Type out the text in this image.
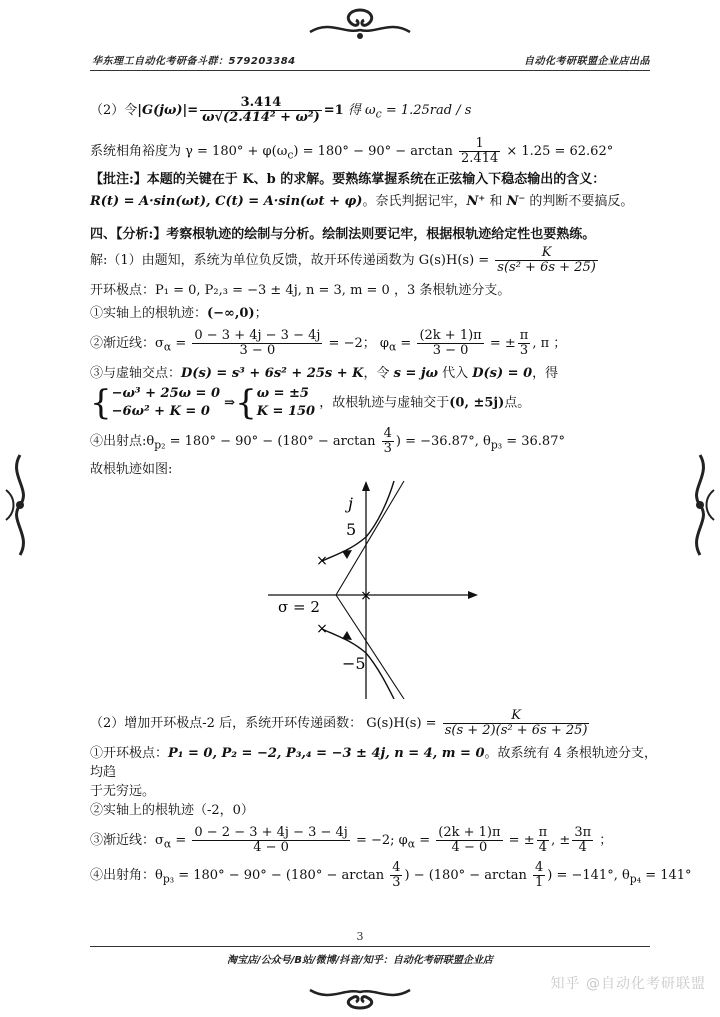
华东理工自动化考研备斗群：579203384	自动化考研联盟企业店出品

（2）令$|G(j\omega)|= \frac{3.414}{\text{ω√(2.414² + ω²)}} =1$ 得 $\omega_c = 1.25rad / s$

系统相角裕度为 $\gamma = 180^\circ + \varphi(\omega_c) = 180^\circ - 90^\circ - \arctan \frac{1}{2.414} \times 1.25 = 62.62^\circ$

【批注:】本题的关键在于 K、b 的求解。要熟练掌握系统在正弦输入下稳态输出的含义：

R(t) = A·sin(ωt), C(t) = A·sin(ωt + φ)。奈氏判据记牢，N⁺ 和 N⁻ 的判断不要搞反。

四、【分析:】考察根轨迹的绘制与分析。绘制法则要记牢，根据根轨迹给定性也要熟练。

解:（1）由题知，系统为单位负反馈，故开环传递函数为 $G(s)H(s) = \frac{K}{\text{s(s² + 6s + 25)}}$

开环极点：P₁ = 0, P₂,₃ = −3 ± 4j, n = 3, m = 0 ，3 条根轨迹分支。

①实轴上的根轨迹：(−∞,0)；

②渐近线：$\sigma_\alpha = \frac{0 - 3 + 4j - 3 - 4j}{3 - 0} = -2$； $\varphi_\alpha = \frac{(2k + 1)\pi}{3 - 0}$ = ± $\frac{\pi}{3}$ , π ；

③与虚轴交点：D(s) = s³ + 6s² + 25s + K，令 s = jω 代入 D(s) = 0，得

{ −ω³ + 25ω = 0
−6ω² + K = 0
⇒{ ω = ±5
K = 150
，故根轨迹与虚轴交于(0, ±5j)点。

④出射点$:\theta_{p_2} = 180^\circ - 90^\circ - (180^\circ - \arctan \frac{4}{3}$ ) = −36.87°, $\theta_{p_3} = 36.87^\circ$

故根轨迹如图:

×
×
×
j
5
σ = 2
−5

（2）增加开环极点-2 后，系统开环传递函数： $G(s)H(s) = \frac{K}{\text{s(s + 2)(s² + 6s + 25)}}$

①开环极点：P₁ = 0, P₂ = −2, P₃,₄ = −3 ± 4j, n = 4, m = 0。故系统有 4 条根轨迹分支，均趋
于无穷远。

②实轴上的根轨迹（-2，0）

③渐近线：$\sigma_\alpha = \frac{0 - 2 - 3 + 4j - 3 - 4j}{4 - 0} = -2$; $\varphi_\alpha = \frac{(2k + 1)\pi}{4 - 0}$ = ± $\frac{\pi}{4}$ , ± $\frac{3\pi}{4}$ ；

④出射角：$\theta_{p_3} = 180^\circ - 90^\circ - (180^\circ - \arctan \frac{4}{3}$ ) − ($180^\circ - \arctan \frac{4}{1}$ ) = −141°, $\theta_{p_4} = 141^\circ$

3
淘宝店/公众号/B站/微博/抖音/知乎：自动化考研联盟企业店
知乎 @自动化考研联盟
